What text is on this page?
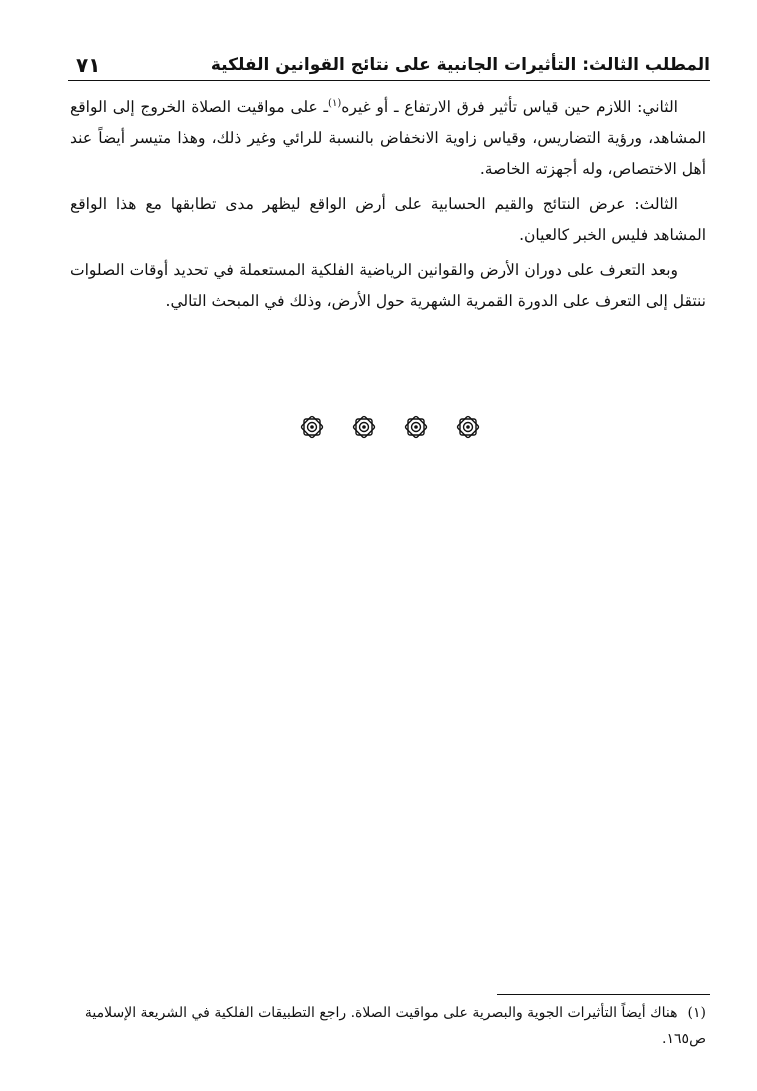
المطلب الثالث: التأثيرات الجانبية على نتائج القوانين الفلكية
٧١

الثاني: اللازم حين قياس تأثير فرق الارتفاع ـ أو غيره$^{(١)}$ـ على مواقيت الصلاة الخروج إلى الواقع المشاهد، ورؤية التضاريس، وقياس زاوية الانخفاض بالنسبة للرائي وغير ذلك، وهذا متيسر أيضاً عند أهل الاختصاص، وله أجهزته الخاصة.

الثالث: عرض النتائج والقيم الحسابية على أرض الواقع ليظهر مدى تطابقها مع هذا الواقع المشاهد فليس الخبر كالعيان.

وبعد التعرف على دوران الأرض والقوانين الرياضية الفلكية المستعملة في تحديد أوقات الصلوات ننتقل إلى التعرف على الدورة القمرية الشهرية حول الأرض، وذلك في المبحث التالي.

(١)هناك أيضاً التأثيرات الجوية والبصرية على مواقيت الصلاة. راجع التطبيقات الفلكية في الشريعة الإسلامية ص١٦٥.
